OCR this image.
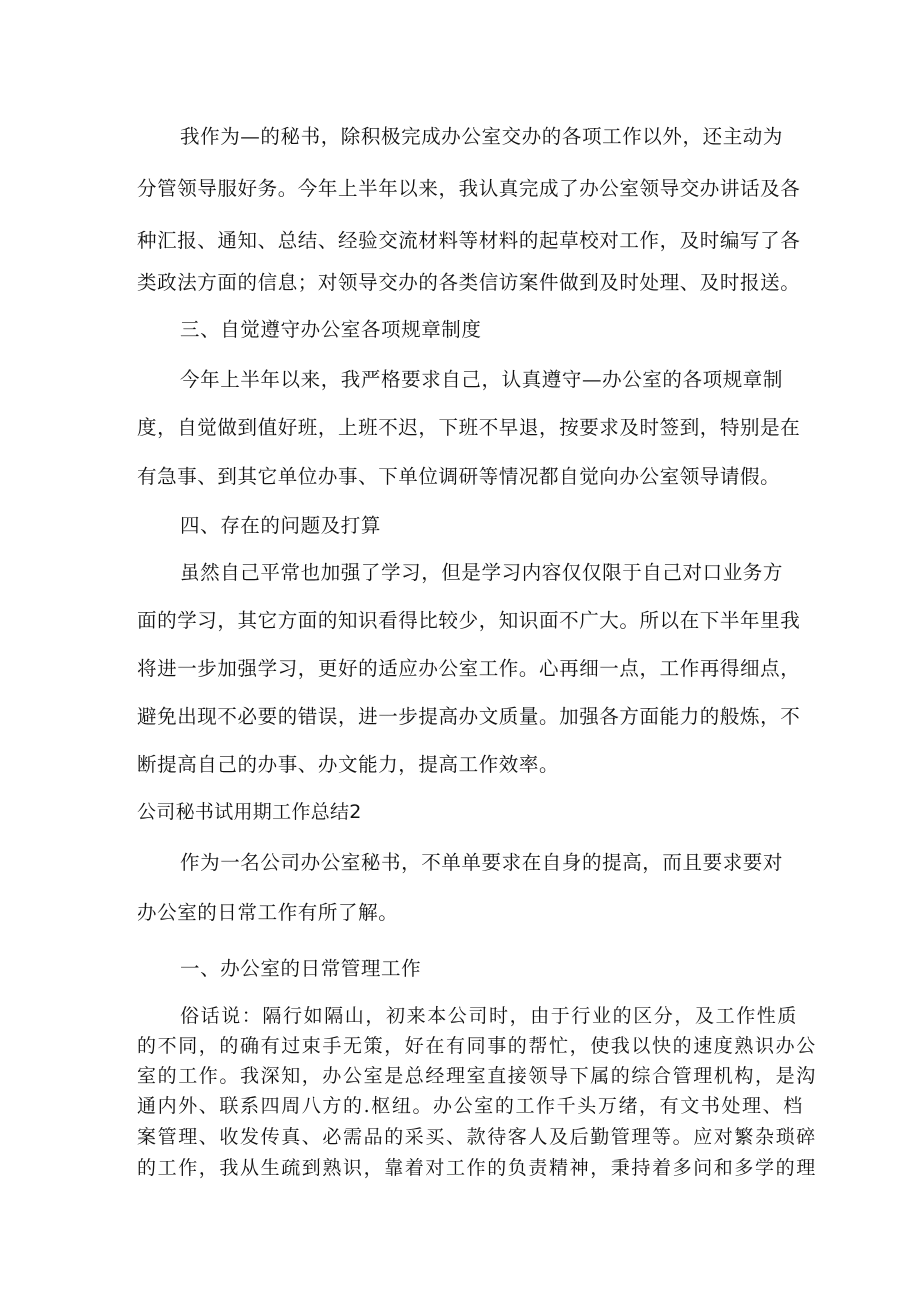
我作为—的秘书，除积极完成办公室交办的各项工作以外，还主动为
分管领导服好务。今年上半年以来，我认真完成了办公室领导交办讲话及各
种汇报、通知、总结、经验交流材料等材料的起草校对工作，及时编写了各
类政法方面的信息；对领导交办的各类信访案件做到及时处理、及时报送。
三、自觉遵守办公室各项规章制度
今年上半年以来，我严格要求自己，认真遵守—办公室的各项规章制
度，自觉做到值好班，上班不迟，下班不早退，按要求及时签到，特别是在
有急事、到其它单位办事、下单位调研等情况都自觉向办公室领导请假。
四、存在的问题及打算
虽然自己平常也加强了学习，但是学习内容仅仅限于自己对口业务方
面的学习，其它方面的知识看得比较少，知识面不广大。所以在下半年里我
将进一步加强学习，更好的适应办公室工作。心再细一点，工作再得细点，
避免出现不必要的错误，进一步提高办文质量。加强各方面能力的般炼，不
断提高自己的办事、办文能力，提高工作效率。
公司秘书试用期工作总结2
作为一名公司办公室秘书，不单单要求在自身的提高，而且要求要对
办公室的日常工作有所了解。
一、办公室的日常管理工作
俗话说：隔行如隔山，初来本公司时，由于行业的区分，及工作性质
的不同，的确有过束手无策，好在有同事的帮忙，使我以快的速度熟识办公
室的工作。我深知，办公室是总经理室直接领导下属的综合管理机构，是沟
通内外、联系四周八方的.枢纽。办公室的工作千头万绪，有文书处理、档
案管理、收发传真、必需品的采买、款待客人及后勤管理等。应对繁杂琐碎
的工作，我从生疏到熟识，靠着对工作的负责精神，秉持着多问和多学的理
